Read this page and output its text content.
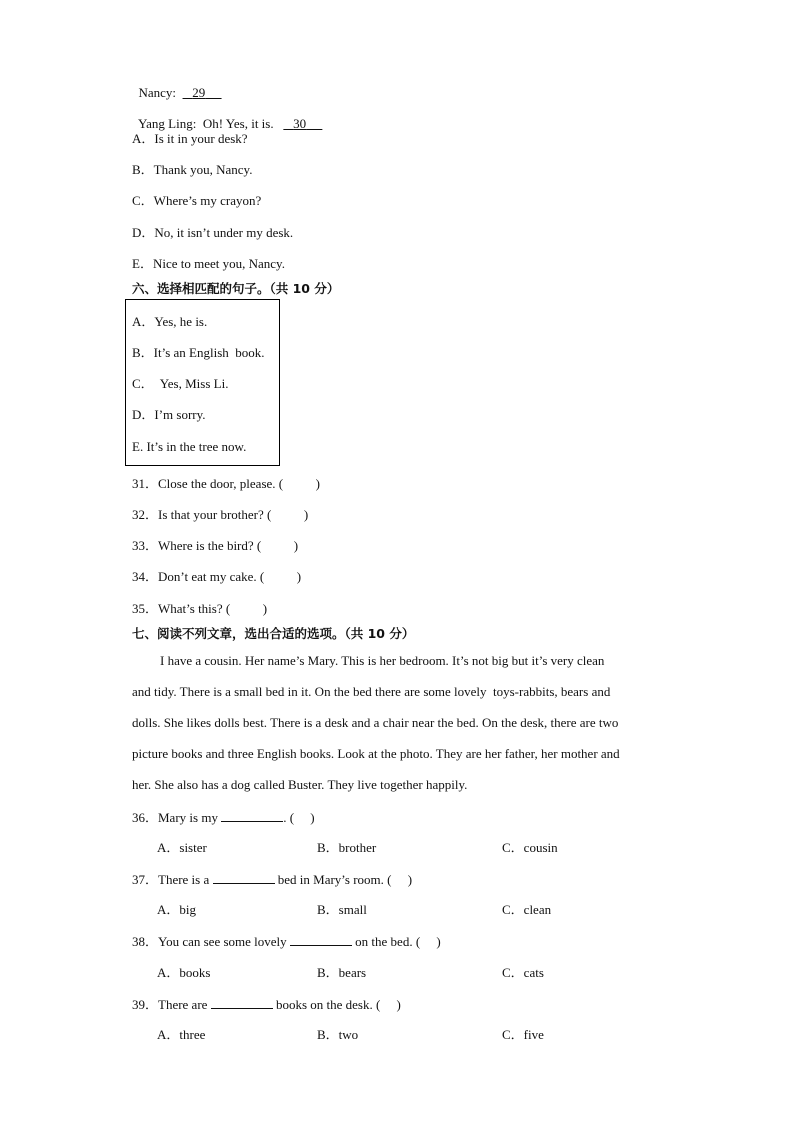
Nancy: 29

Yang Ling: Oh! Yes, it is. 30

A．Is it in your desk?
B．Thank you, Nancy.
C．Where’s my crayon?
D．No, it isn’t under my desk.
E．Nice to meet you, Nancy.
六、选择相匹配的句子。（共 10 分）
A．Yes, he is.
B．It’s an English  book.
C．  Yes, Miss Li.
D．I’m sorry.
E. It’s in the tree now.
31．Close the door, please. (          )
32．Is that your brother? (          )
33．Where is the bird? (          )
34．Don’t eat my cake. (          )
35．What’s this? (          )
七、阅读不列文章，选出合适的选项。（共 10 分）
I have a cousin. Her name’s Mary. This is her bedroom. It’s not big but it’s very clean
and tidy. There is a small bed in it. On the bed there are some lovely  toys-rabbits, bears and
dolls. She likes dolls best. There is a desk and a chair near the bed. On the desk, there are two
picture books and three English books. Look at the photo. They are her father, her mother and
her. She also has a dog called Buster. They live together happily.
36．Mary is my	. (     )
A．sister	B．brother	C．cousin
37．There is a	bed in Mary’s room. (     )
A．big	B．small	C．clean
38．You can see some lovely	on the bed. (     )
A．books	B．bears	C．cats
39．There are	books on the desk. (     )
A．three	B．two	C．five
